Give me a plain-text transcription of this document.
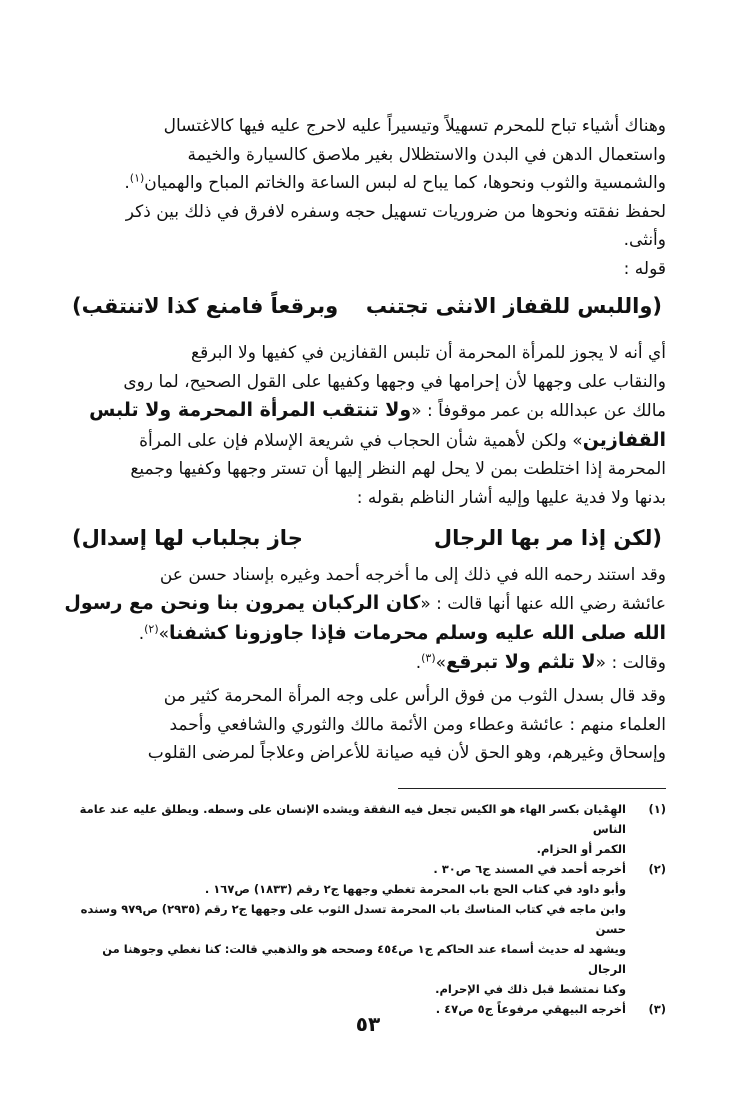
وهناك أشياء تباح للمحرم تسهيلاً وتيسيراً عليه لاحرج عليه فيها كالاغتسال

واستعمال الدهن في البدن والاستظلال بغير ملاصق كالسيارة والخيمة

والشمسية والثوب ونحوها، كما يباح له لبس الساعة والخاتم المباح والهميان$^{(١)}$.

لحفظ نفقته ونحوها من ضروريات تسهيل حجه وسفره لافرق في ذلك بين ذكر

وأنثى.

قوله :

(واللبس للقفاز الانثى تجتنب
وبرقعاً فامنع كذا لاتنتقب)

أي أنه لا يجوز للمرأة المحرمة أن تلبس القفازين في كفيها ولا البرقع

والنقاب على وجهها لأن إحرامها في وجهها وكفيها على القول الصحيح، لما روى

مالك عن عبدالله بن عمر موقوفاً : «ولا تنتقب المرأة المحرمة ولا تلبس

القفازين» ولكن لأهمية شأن الحجاب في شريعة الإسلام فإن على المرأة

المحرمة إذا اختلطت بمن لا يحل لهم النظر إليها أن تستر وجهها وكفيها وجميع

بدنها ولا فدية عليها وإليه أشار الناظم بقوله :

(لكن إذا مر بها الرجال
جاز بجلباب لها إسدال)

وقد استند رحمه الله في ذلك إلى ما أخرجه أحمد وغيره بإسناد حسن عن

عائشة رضي الله عنها أنها قالت : «كان الركبان يمرون بنا ونحن مع رسول

الله صلى الله عليه وسلم محرمات فإذا جاوزونا كشفنا»$^{(٢)}$.

وقالت : «لا تلثم ولا تبرقع»$^{(٣)}$.

وقد قال بسدل الثوب من فوق الرأس على وجه المرأة المحرمة كثير من

العلماء منهم : عائشة وعطاء ومن الأئمة مالك والثوري والشافعي وأحمد

وإسحاق وغيرهم، وهو الحق لأن فيه صيانة للأعراض وعلاجاً لمرضى القلوب

(١)
الهِمْيان بكسر الهاء هو الكيس تجعل فيه النفقة ويشده الإنسان على وسطه. ويطلق عليه عند عامة الناس
الكمر أو الحزام.
(٢)
أخرجه أحمد في المسند ج٦ ص٣٠ .
وأبو داود في كتاب الحج باب المحرمة تغطي وجهها ج٢ رقم (١٨٣٣) ص١٦٧ .
وابن ماجه في كتاب المناسك باب المحرمة تسدل الثوب على وجهها ج٢ رقم (٢٩٣٥) ص٩٧٩ وسنده حسن
ويشهد له حديث أسماء عند الحاكم ج١ ص٤٥٤ وصححه هو والذهبي قالت: كنا نغطي وجوهنا من الرجال
وكنا نمتشط قبل ذلك في الإحرام.
(٣)
أخرجه البيهقي مرفوعاً ج٥ ص٤٧ .
٥٣
